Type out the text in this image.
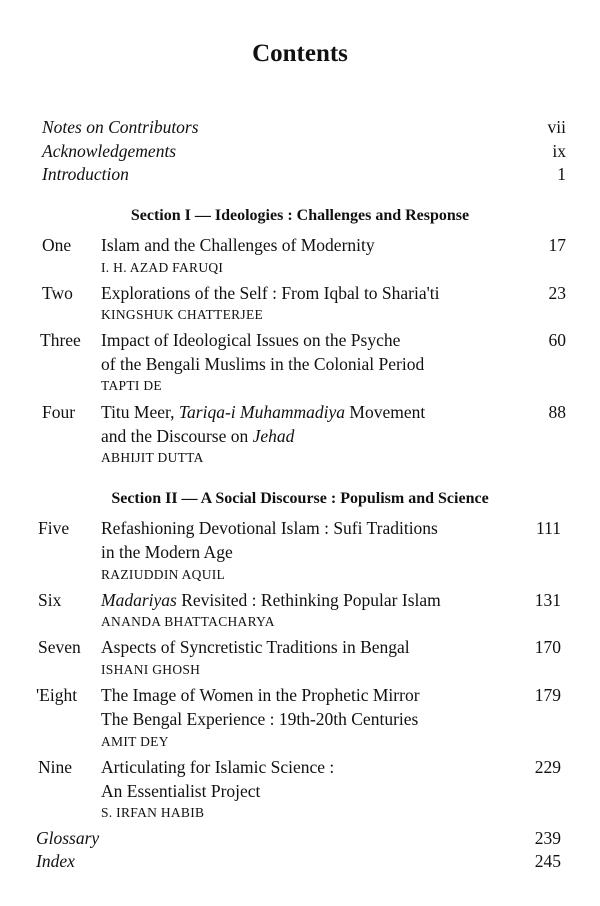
Contents
Notes on Contributors	vii
Acknowledgements	ix
Introduction	1
Section I — Ideologies : Challenges and Response
One Islam and the Challenges of Modernity	17
I. H. AZAD FARUQI
Two Explorations of the Self : From Iqbal to Sharia'ti	23
KINGSHUK CHATTERJEE
Three Impact of Ideological Issues on the Psyche	60
of the Bengali Muslims in the Colonial Period
TAPTI DE
Four Titu Meer, Tariqa-i Muhammadiya Movement	88
and the Discourse on Jehad
ABHIJIT DUTTA
Section II — A Social Discourse : Populism and Science
Five Refashioning Devotional Islam : Sufi Traditions	111
in the Modern Age
RAZIUDDIN AQUIL
Six Madariyas Revisited : Rethinking Popular Islam	131
ANANDA BHATTACHARYA
Seven Aspects of Syncretistic Traditions in Bengal	170
ISHANI GHOSH
'Eight The Image of Women in the Prophetic Mirror	179
The Bengal Experience : 19th-20th Centuries
AMIT DEY
Nine Articulating for Islamic Science :	229
An Essentialist Project
S. IRFAN HABIB
Glossary	239
Index	245
